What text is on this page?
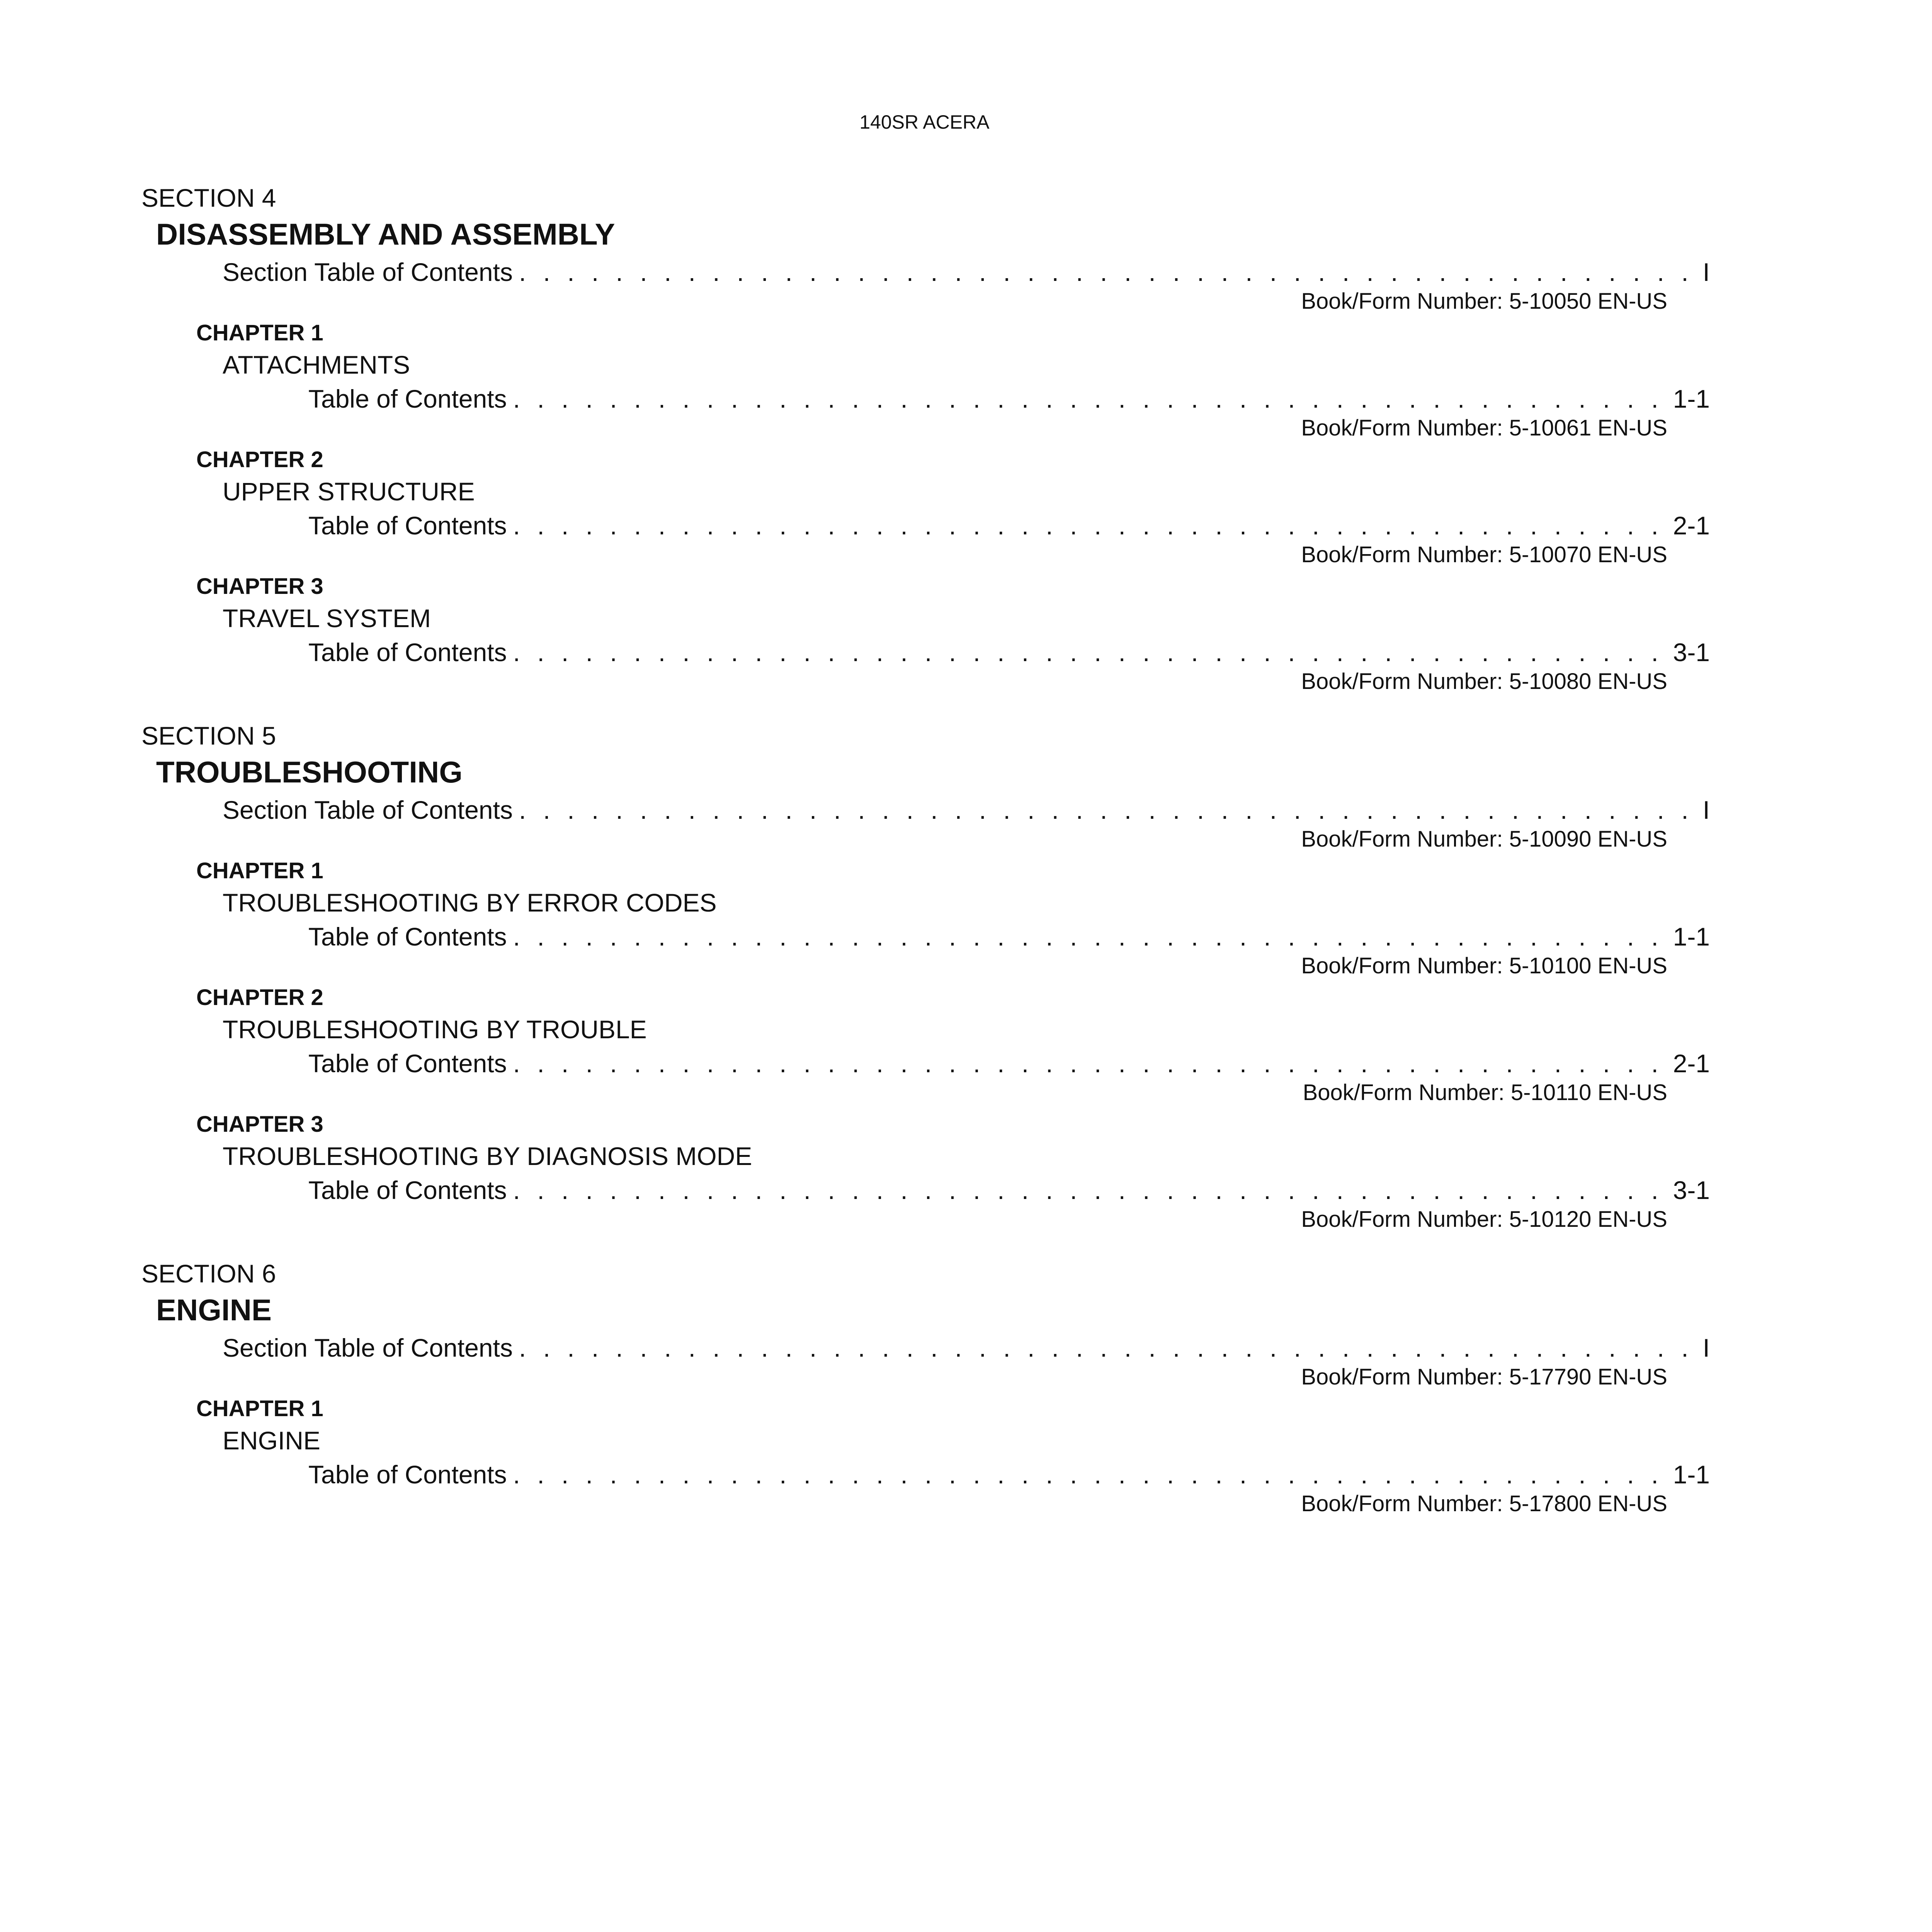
140SR ACERA
SECTION 4
DISASSEMBLY AND ASSEMBLY
Section Table of Contents . . .	I
Book/Form Number: 5-10050 EN-US
CHAPTER 1
ATTACHMENTS
Table of Contents . . .	1-1
Book/Form Number: 5-10061 EN-US
CHAPTER 2
UPPER STRUCTURE
Table of Contents . . .	2-1
Book/Form Number: 5-10070 EN-US
CHAPTER 3
TRAVEL SYSTEM
Table of Contents . . .	3-1
Book/Form Number: 5-10080 EN-US
SECTION 5
TROUBLESHOOTING
Section Table of Contents . . .	I
Book/Form Number: 5-10090 EN-US
CHAPTER 1
TROUBLESHOOTING BY ERROR CODES
Table of Contents . . .	1-1
Book/Form Number: 5-10100 EN-US
CHAPTER 2
TROUBLESHOOTING BY TROUBLE
Table of Contents . . .	2-1
Book/Form Number: 5-10110 EN-US
CHAPTER 3
TROUBLESHOOTING BY DIAGNOSIS MODE
Table of Contents . . .	3-1
Book/Form Number: 5-10120 EN-US
SECTION 6
ENGINE
Section Table of Contents . . .	I
Book/Form Number: 5-17790 EN-US
CHAPTER 1
ENGINE
Table of Contents . . .	1-1
Book/Form Number: 5-17800 EN-US
